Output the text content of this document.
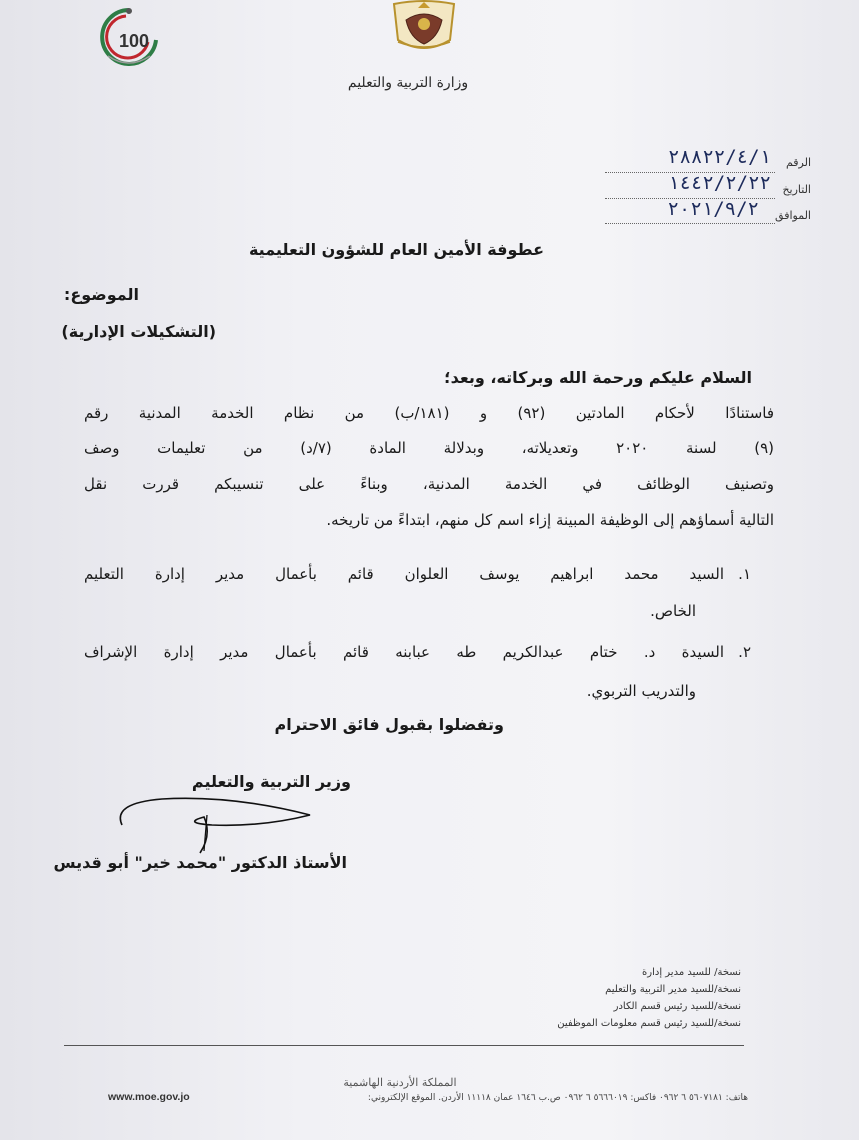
100
وزارة التربية والتعليم
الرقم
٢٨٨٢٢/٤/١
التاريخ
١٤٤٢/٢/٢٢
الموافق
٢٠٢١/٩/٢
عطوفة الأمين العام للشؤون التعليمية
الموضوع:
(التشكيلات الإدارية)
السلام عليكم ورحمة الله وبركاته، وبعد؛
فاستنادًا لأحكام المادتين (٩٢) و (١٨١/ب) من نظام الخدمة المدنية رقم
(٩) لسنة ٢٠٢٠ وتعديلاته، وبدلالة المادة (٧/د) من تعليمات وصف
وتصنيف الوظائف في الخدمة المدنية، وبناءً على تنسيبكم قررت نقل
التالية أسماؤهم إلى الوظيفة المبينة إزاء اسم كل منهم، ابتداءً من تاريخه.
١.
السيد محمد ابراهيم يوسف العلوان قائم بأعمال مدير إدارة التعليم
الخاص.
٢.
السيدة د. ختام عبدالكريم طه عبابنه قائم بأعمال مدير إدارة الإشراف
والتدريب التربوي.
وتفضلوا بقبول فائق الاحترام
وزير التربية والتعليم
الأستاذ الدكتور "محمد خير" أبو قديس
نسخة/ للسيد مدير إدارة
نسخة/للسيد مدير التربية والتعليم
نسخة/للسيد رئيس قسم الكادر
نسخة/للسيد رئيس قسم معلومات الموظفين
المملكة الأردنية الهاشمية
هاتف: ٥٦٠٧١٨١ ٦ ٠٩٦٢ فاكس: ٥٦٦٦٠١٩ ٦ ٠٩٦٢ ص.ب ١٦٤٦ عمان ١١١١٨ الأردن. الموقع الإلكتروني:
www.moe.gov.jo
